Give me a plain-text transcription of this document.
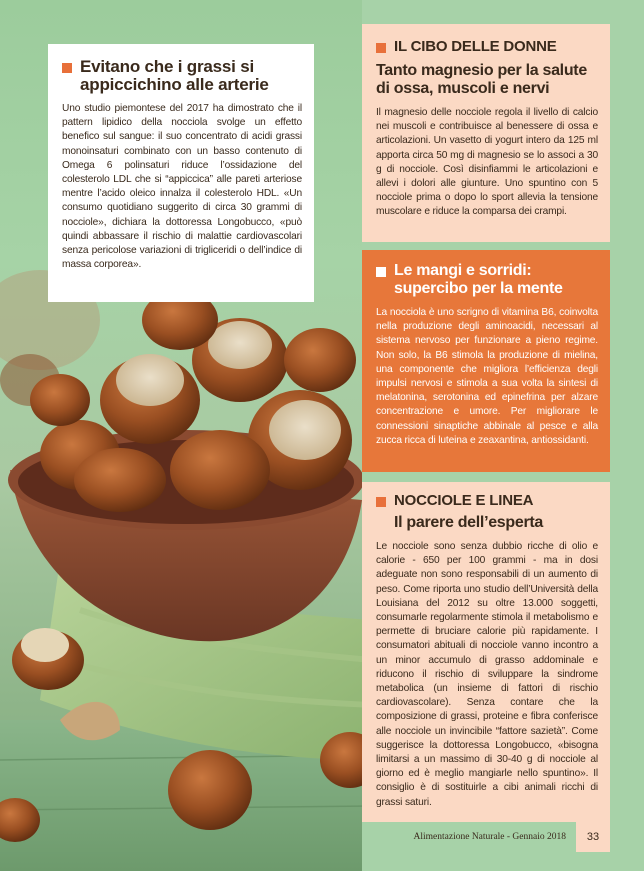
Evitano che i grassi si appiccichino alle arterie
Uno studio piemontese del 2017 ha dimostrato che il pattern lipidico della nocciola svolge un effetto benefico sul sangue: il suo concentrato di acidi grassi monoinsaturi combinato con un basso contenuto di Omega 6 polinsaturi riduce l’ossidazione del colesterolo LDL che si “appiccica” alle pareti arteriose mentre l’acido oleico innalza il colesterolo HDL. «Un consumo quotidiano suggerito di circa 30 grammi di nocciole», dichiara la dottoressa Longobucco, «può quindi abbassare il rischio di malattie cardiovascolari senza pericolose variazioni di trigliceridi o dell’indice di massa corporea».
IL CIBO DELLE DONNE
Tanto magnesio per la salute di ossa, muscoli e nervi
Il magnesio delle nocciole regola il livello di calcio nei muscoli e contribuisce al benessere di ossa e articolazioni. Un vasetto di yogurt intero da 125 ml apporta circa 50 mg di magnesio se lo associ a 30 g di nocciole. Così disinfiammi le articolazioni e allevi i dolori alle giunture. Uno spuntino con 5 nocciole prima o dopo lo sport allevia la tensione muscolare e riduce la comparsa dei crampi.
Le mangi e sorridi: supercibo per la mente
La nocciola è uno scrigno di vitamina B6, coinvolta nella produzione degli aminoacidi, necessari al sistema nervoso per funzionare a pieno regime. Non solo, la B6 stimola la produzione di mielina, una componente che migliora l’efficienza degli impulsi nervosi e stimola a sua volta la sintesi di melatonina, serotonina ed epinefrina per alzare concentrazione e umore. Per migliorare le connessioni sinaptiche abbinale al pesce e alla zucca ricca di luteina e zeaxantina, antiossidanti.
NOCCIOLE E LINEA
Il parere dell’esperta
Le nocciole sono senza dubbio ricche di olio e calorie - 650 per 100 grammi - ma in dosi adeguate non sono responsabili di un aumento di peso. Come riporta uno studio dell’Università della Louisiana del 2012 su oltre 13.000 soggetti, consumarle regolarmente stimola il metabolismo e permette di bruciare calorie più rapidamente. I consumatori abituali di nocciole vanno incontro a un minor accumulo di grasso addominale e riducono il rischio di sviluppare la sindrome metabolica (un insieme di fattori di rischio cardiovascolare). Senza contare che la composizione di grassi, proteine e fibra conferisce alle nocciole un invincibile “fattore sazietà”. Come suggerisce la dottoressa Longobucco, «bisogna limitarsi a un massimo di 30-40 g di nocciole al giorno ed è meglio mangiarle nello spuntino». Il consiglio è di sostituirle a cibi animali ricchi di grassi saturi.
Alimentazione Naturale - Gennaio 2018	33
